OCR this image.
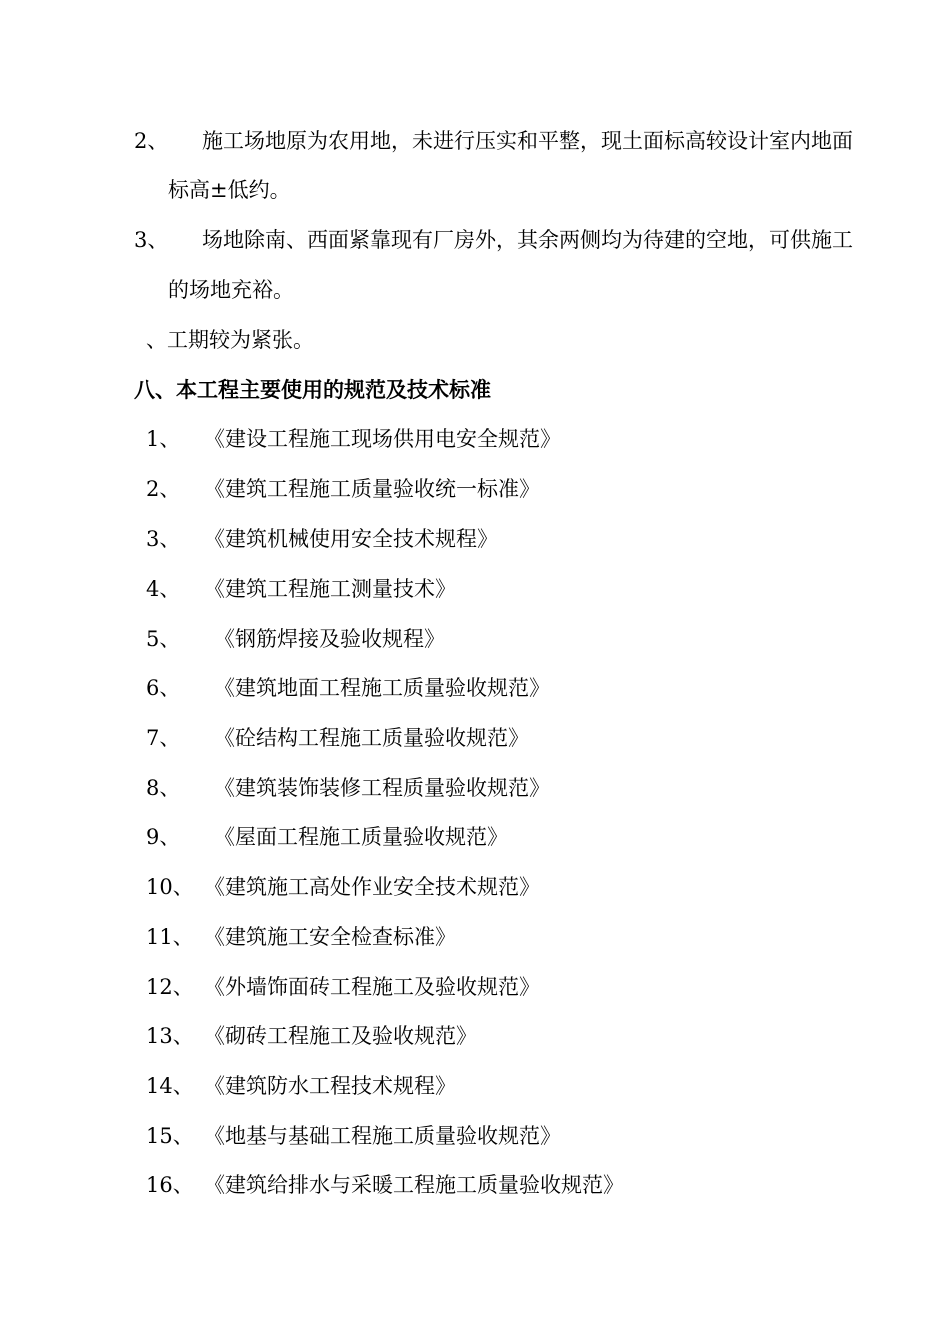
2、 施工场地原为农用地，未进行压实和平整，现土面标高较设计室内地面
标高±低约。
3、 场地除南、西面紧靠现有厂房外，其余两侧均为待建的空地，可供施工
的场地充裕。
、工期较为紧张。
八、本工程主要使用的规范及技术标准
1、 《建设工程施工现场供用电安全规范》
2、 《建筑工程施工质量验收统一标准》
3、 《建筑机械使用安全技术规程》
4、 《建筑工程施工测量技术》
5、 《钢筋焊接及验收规程》
6、 《建筑地面工程施工质量验收规范》
7、 《砼结构工程施工质量验收规范》
8、 《建筑装饰装修工程质量验收规范》
9、 《屋面工程施工质量验收规范》
10、 《建筑施工高处作业安全技术规范》
11、 《建筑施工安全检查标准》
12、 《外墙饰面砖工程施工及验收规范》
13、 《砌砖工程施工及验收规范》
14、 《建筑防水工程技术规程》
15、 《地基与基础工程施工质量验收规范》
16、 《建筑给排水与采暖工程施工质量验收规范》
